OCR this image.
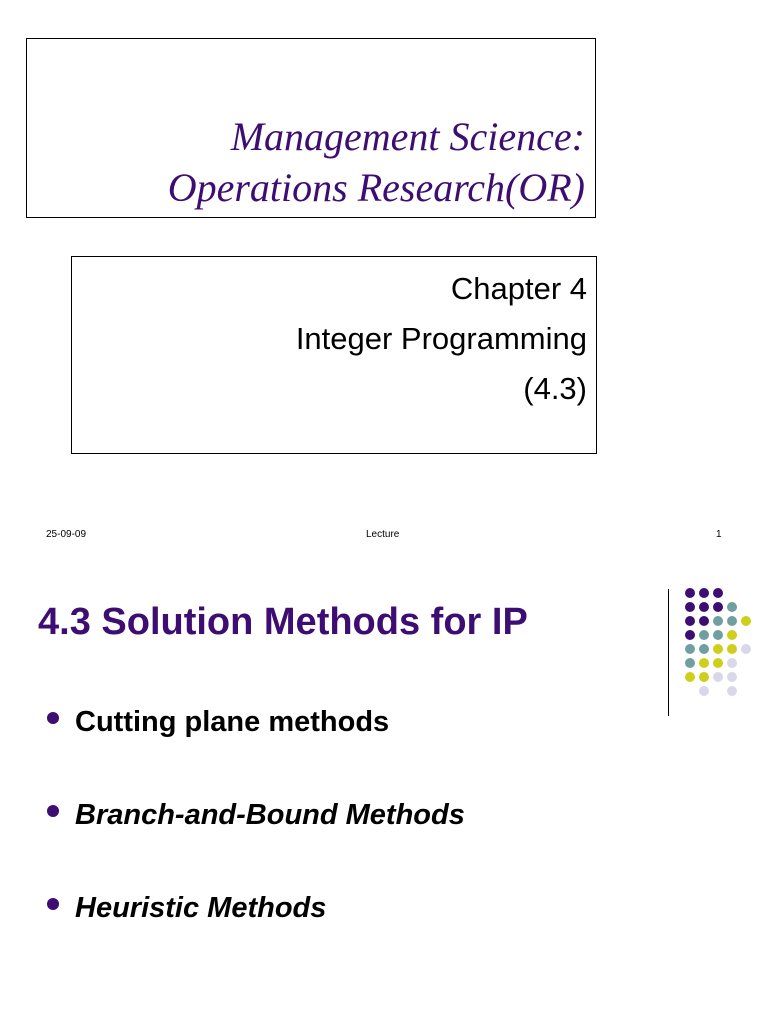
Management Science:
Operations Research(OR)
Chapter 4
Integer Programming
(4.3)
25-09-09	Lecture	1
4.3 Solution Methods for IP
Cutting plane methods
Branch-and-Bound Methods
Heuristic Methods
